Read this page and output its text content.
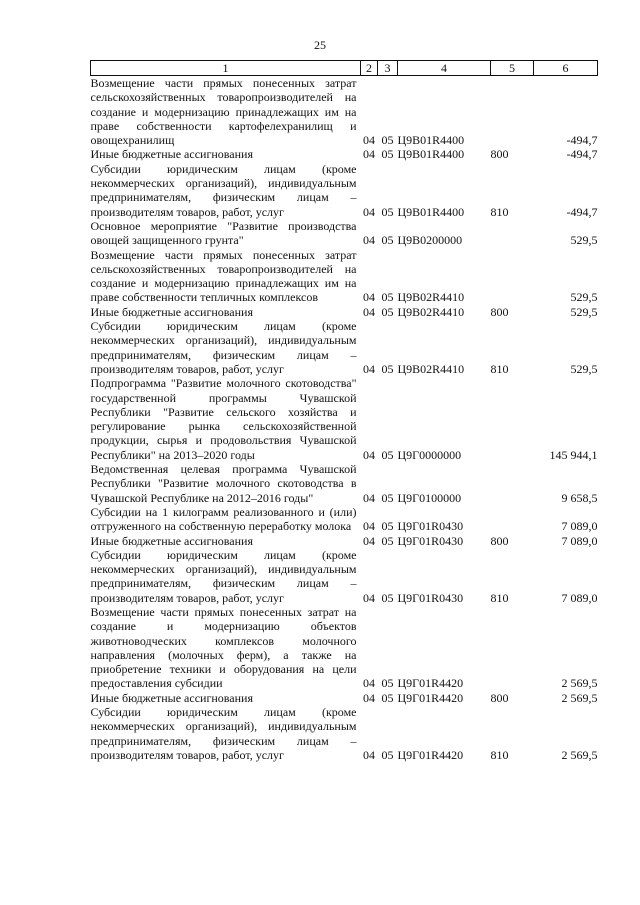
25
1	2	3	4	5	6
Возмещение части прямых понесенных затрат сельскохозяйственных товаропроизводителей на создание и модернизацию принадлежащих им на праве собственности картофелехранилищ и овощехранилищ	04	05	Ц9В01R4400		-494,7
Иные бюджетные ассигнования	04	05	Ц9В01R4400	800	-494,7
Субсидии юридическим лицам (кроме некоммерческих организаций), индивидуальным предпринимателям, физическим лицам – производителям товаров, работ, услуг	04	05	Ц9В01R4400	810	-494,7
Основное мероприятие "Развитие производства овощей защищенного грунта"	04	05	Ц9В0200000		529,5
Возмещение части прямых понесенных затрат сельскохозяйственных товаропроизводителей на создание и модернизацию принадлежащих им на праве собственности тепличных комплексов	04	05	Ц9В02R4410		529,5
Иные бюджетные ассигнования	04	05	Ц9В02R4410	800	529,5
Субсидии юридическим лицам (кроме некоммерческих организаций), индивидуальным предпринимателям, физическим лицам – производителям товаров, работ, услуг	04	05	Ц9В02R4410	810	529,5
Подпрограмма "Развитие молочного скотоводства" государственной программы Чувашской Республики "Развитие сельского хозяйства и регулирование рынка сельскохозяйственной продукции, сырья и продовольствия Чувашской Республики" на 2013–2020 годы	04	05	Ц9Г0000000		145 944,1
Ведомственная целевая программа Чувашской Республики "Развитие молочного скотоводства в Чувашской Республике на 2012–2016 годы"	04	05	Ц9Г0100000		9 658,5
Субсидии на 1 килограмм реализованного и (или) отгруженного на собственную переработку молока	04	05	Ц9Г01R0430		7 089,0
Иные бюджетные ассигнования	04	05	Ц9Г01R0430	800	7 089,0
Субсидии юридическим лицам (кроме некоммерческих организаций), индивидуальным предпринимателям, физическим лицам – производителям товаров, работ, услуг	04	05	Ц9Г01R0430	810	7 089,0
Возмещение части прямых понесенных затрат на создание и модернизацию объектов животноводческих комплексов молочного направления (молочных ферм), а также на приобретение техники и оборудования на цели предоставления субсидии	04	05	Ц9Г01R4420		2 569,5
Иные бюджетные ассигнования	04	05	Ц9Г01R4420	800	2 569,5
Субсидии юридическим лицам (кроме некоммерческих организаций), индивидуальным предпринимателям, физическим лицам – производителям товаров, работ, услуг	04	05	Ц9Г01R4420	810	2 569,5
